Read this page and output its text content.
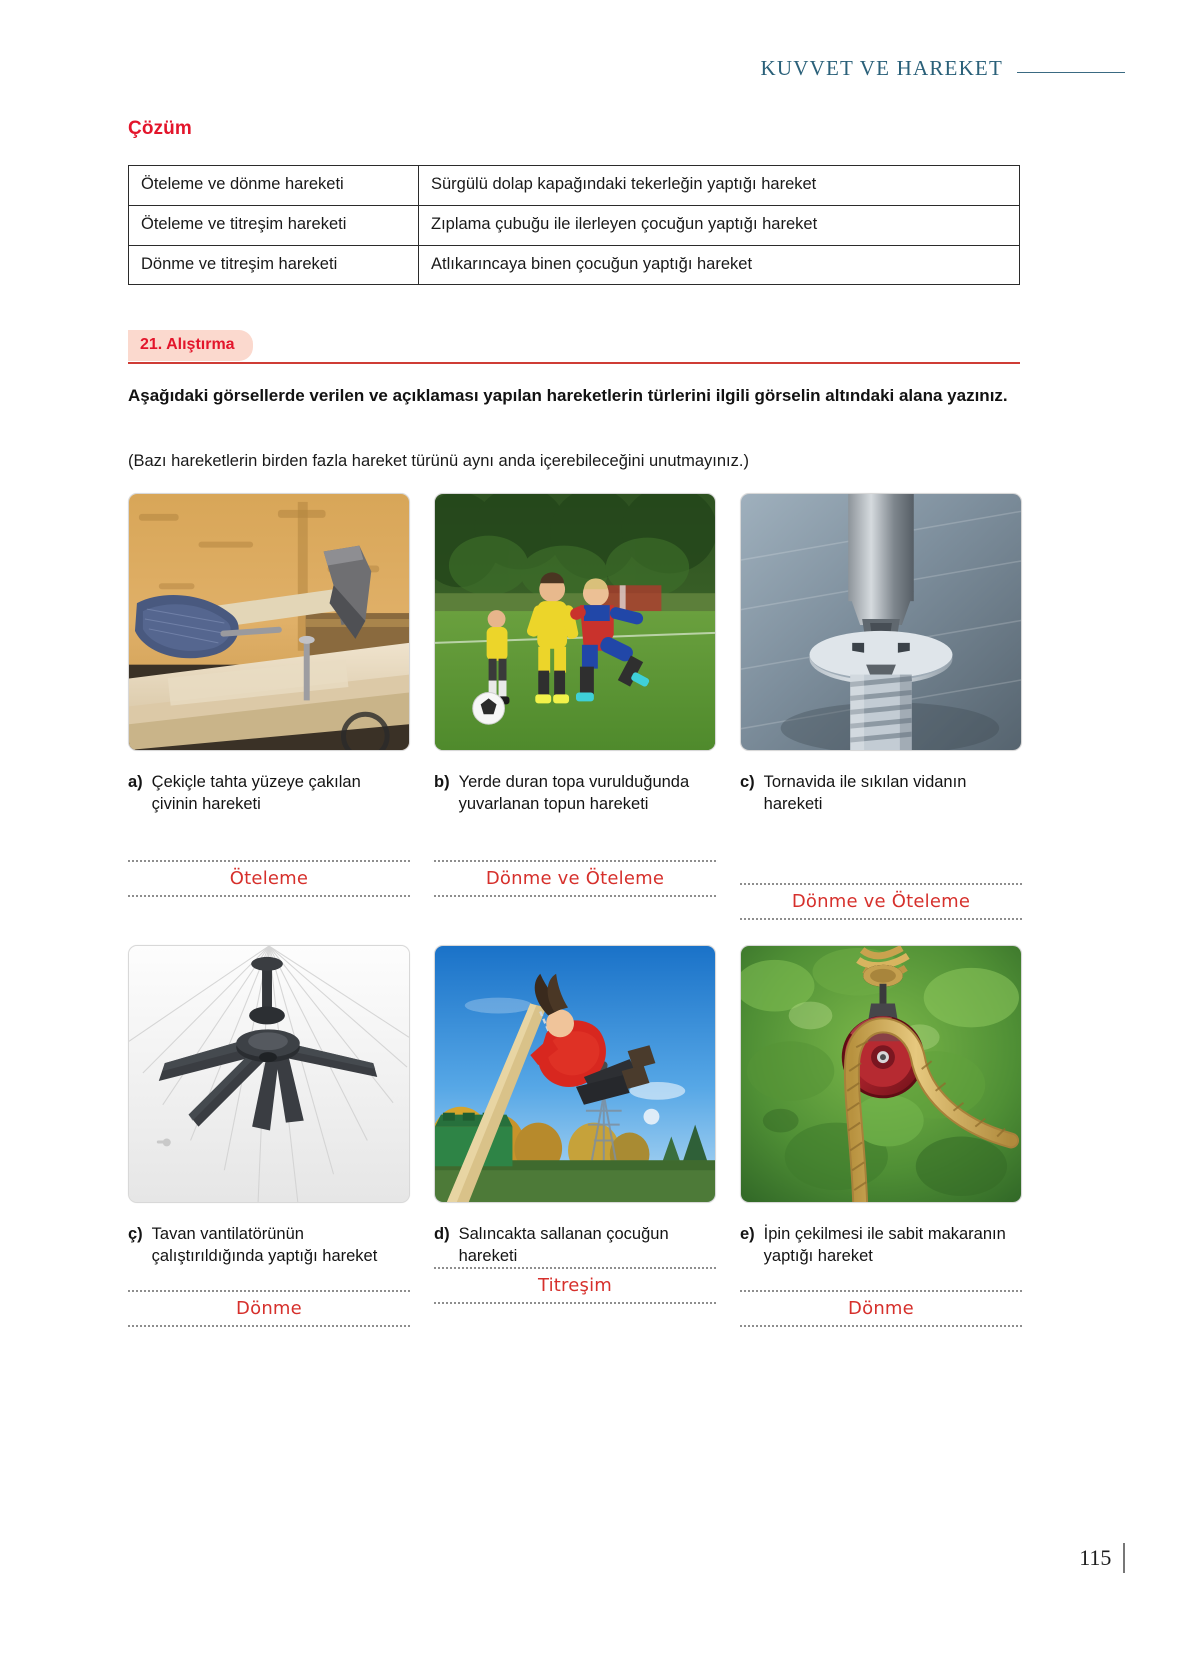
KUVVET VE HAREKET
Çözüm
Öteleme ve dönme hareketi	Sürgülü dolap kapağındaki tekerleğin yaptığı hareket
Öteleme ve titreşim hareketi	Zıplama çubuğu ile ilerleyen çocuğun yaptığı hareket
Dönme ve titreşim hareketi	Atlıkarıncaya binen çocuğun yaptığı hareket
21. Alıştırma
Aşağıdaki görsellerde verilen ve açıklaması yapılan hareketlerin türlerini ilgili görselin altındaki alana yazınız.
(Bazı hareketlerin birden fazla hareket türünü aynı anda içerebileceğini unutmayınız.)
a) Çekiçle tahta yüzeye çakılan çivinin hareketi
Öteleme
b) Yerde duran topa vurulduğunda yuvarlanan topun hareketi
Dönme ve Öteleme
c) Tornavida ile sıkılan vidanın hareketi
Dönme ve Öteleme
ç) Tavan vantilatörünün çalıştırıldığında yaptığı hareket
Dönme
d) Salıncakta sallanan çocuğun hareketi
Titreşim
e) İpin çekilmesi ile sabit makaranın yaptığı hareket
Dönme
115
